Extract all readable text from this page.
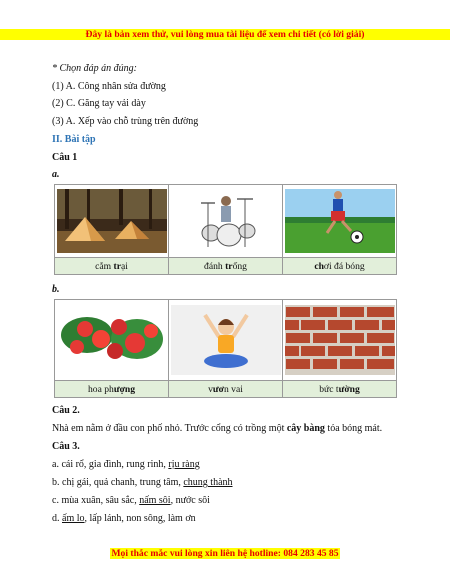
Đây là bản xem thử, vui lòng mua tài liệu để xem chi tiết (có lời giải)
* Chọn đáp án đúng:
(1) A. Công nhân sửa đường
(2) C. Găng tay vải dày
(3) A. Xếp vào chỗ trùng trên đường
II. Bài tập
Câu 1
a.

cắm trại	đánh trống	chơi đá bóng
b.

hoa phượng	vươn vai	bức tường
Câu 2.
Nhà em nằm ở đầu con phố nhỏ. Trước cổng có trồng một cây bàng tỏa bóng mát.
Câu 3.
a. cái rổ, gia đình, rung rinh, rịu ràng
b. chị gái, quả chanh, trung tâm, chung thành
c. mùa xuân, sâu sắc, nấm sôi, nước sôi
d. ấm lo, lấp lánh, non sông, làm ơn
Mọi thắc mắc vui lòng xin liên hệ hotline: 084 283 45 85
